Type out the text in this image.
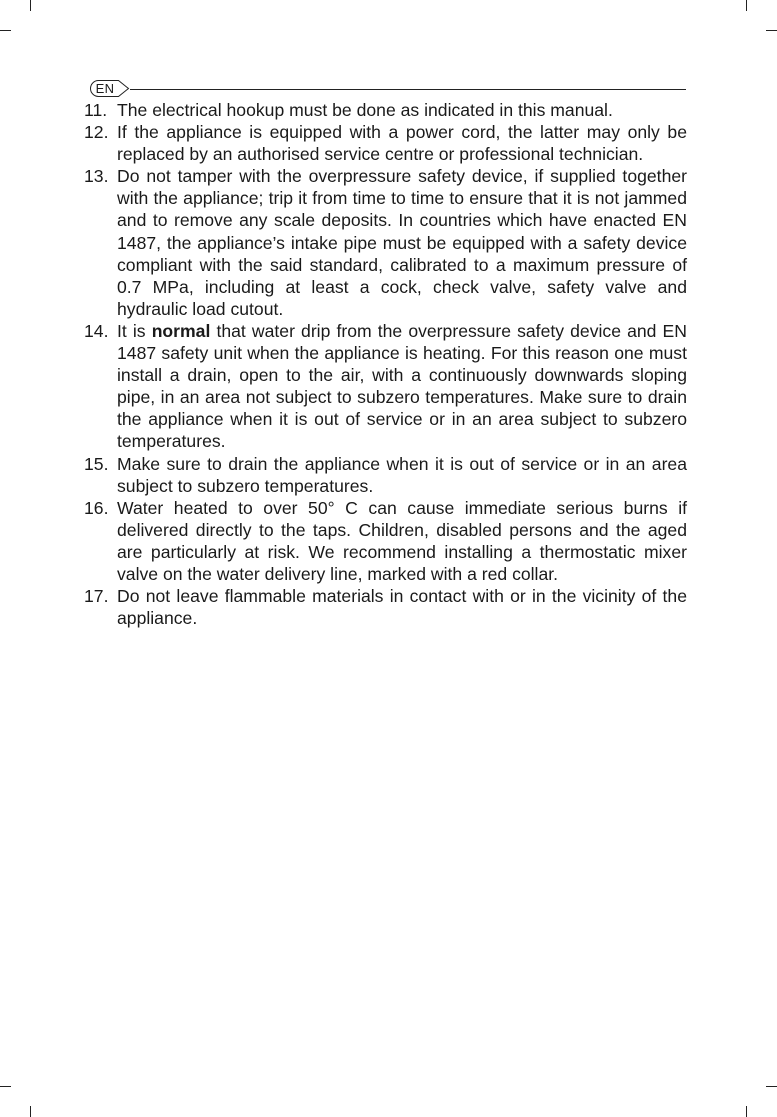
EN
11. The electrical hookup must be done as indicated in this manual.
12. If the appliance is equipped with a power cord, the latter may only be replaced by an authorised service centre or professional technician.
13. Do not tamper with the overpressure safety device, if supplied together with the appliance; trip it from time to time to ensure that it is not jammed and to remove any scale deposits. In countries which have enacted EN 1487, the appliance’s intake pipe must be equipped with a safety device compliant with the said standard, calibrated to a maximum pressure of 0.7 MPa, including at least a cock, check valve, safety valve and hydraulic load cutout.
14. It is normal that water drip from the overpressure safety device and EN 1487 safety unit when the appliance is heating. For this reason one must install a drain, open to the air, with a continuously downwards sloping pipe, in an area not subject to subzero temperatures. Make sure to drain the appliance when it is out of service or in an area subject to subzero temperatures.
15. Make sure to drain the appliance when it is out of service or in an area subject to subzero temperatures.
16. Water heated to over 50° C can cause immediate serious burns if delivered directly to the taps. Children, disabled persons and the aged are particularly at risk. We recommend installing a thermostatic mixer valve on the water delivery line, marked with a red collar.
17. Do not leave flammable materials in contact with or in the vicinity of the appliance.
